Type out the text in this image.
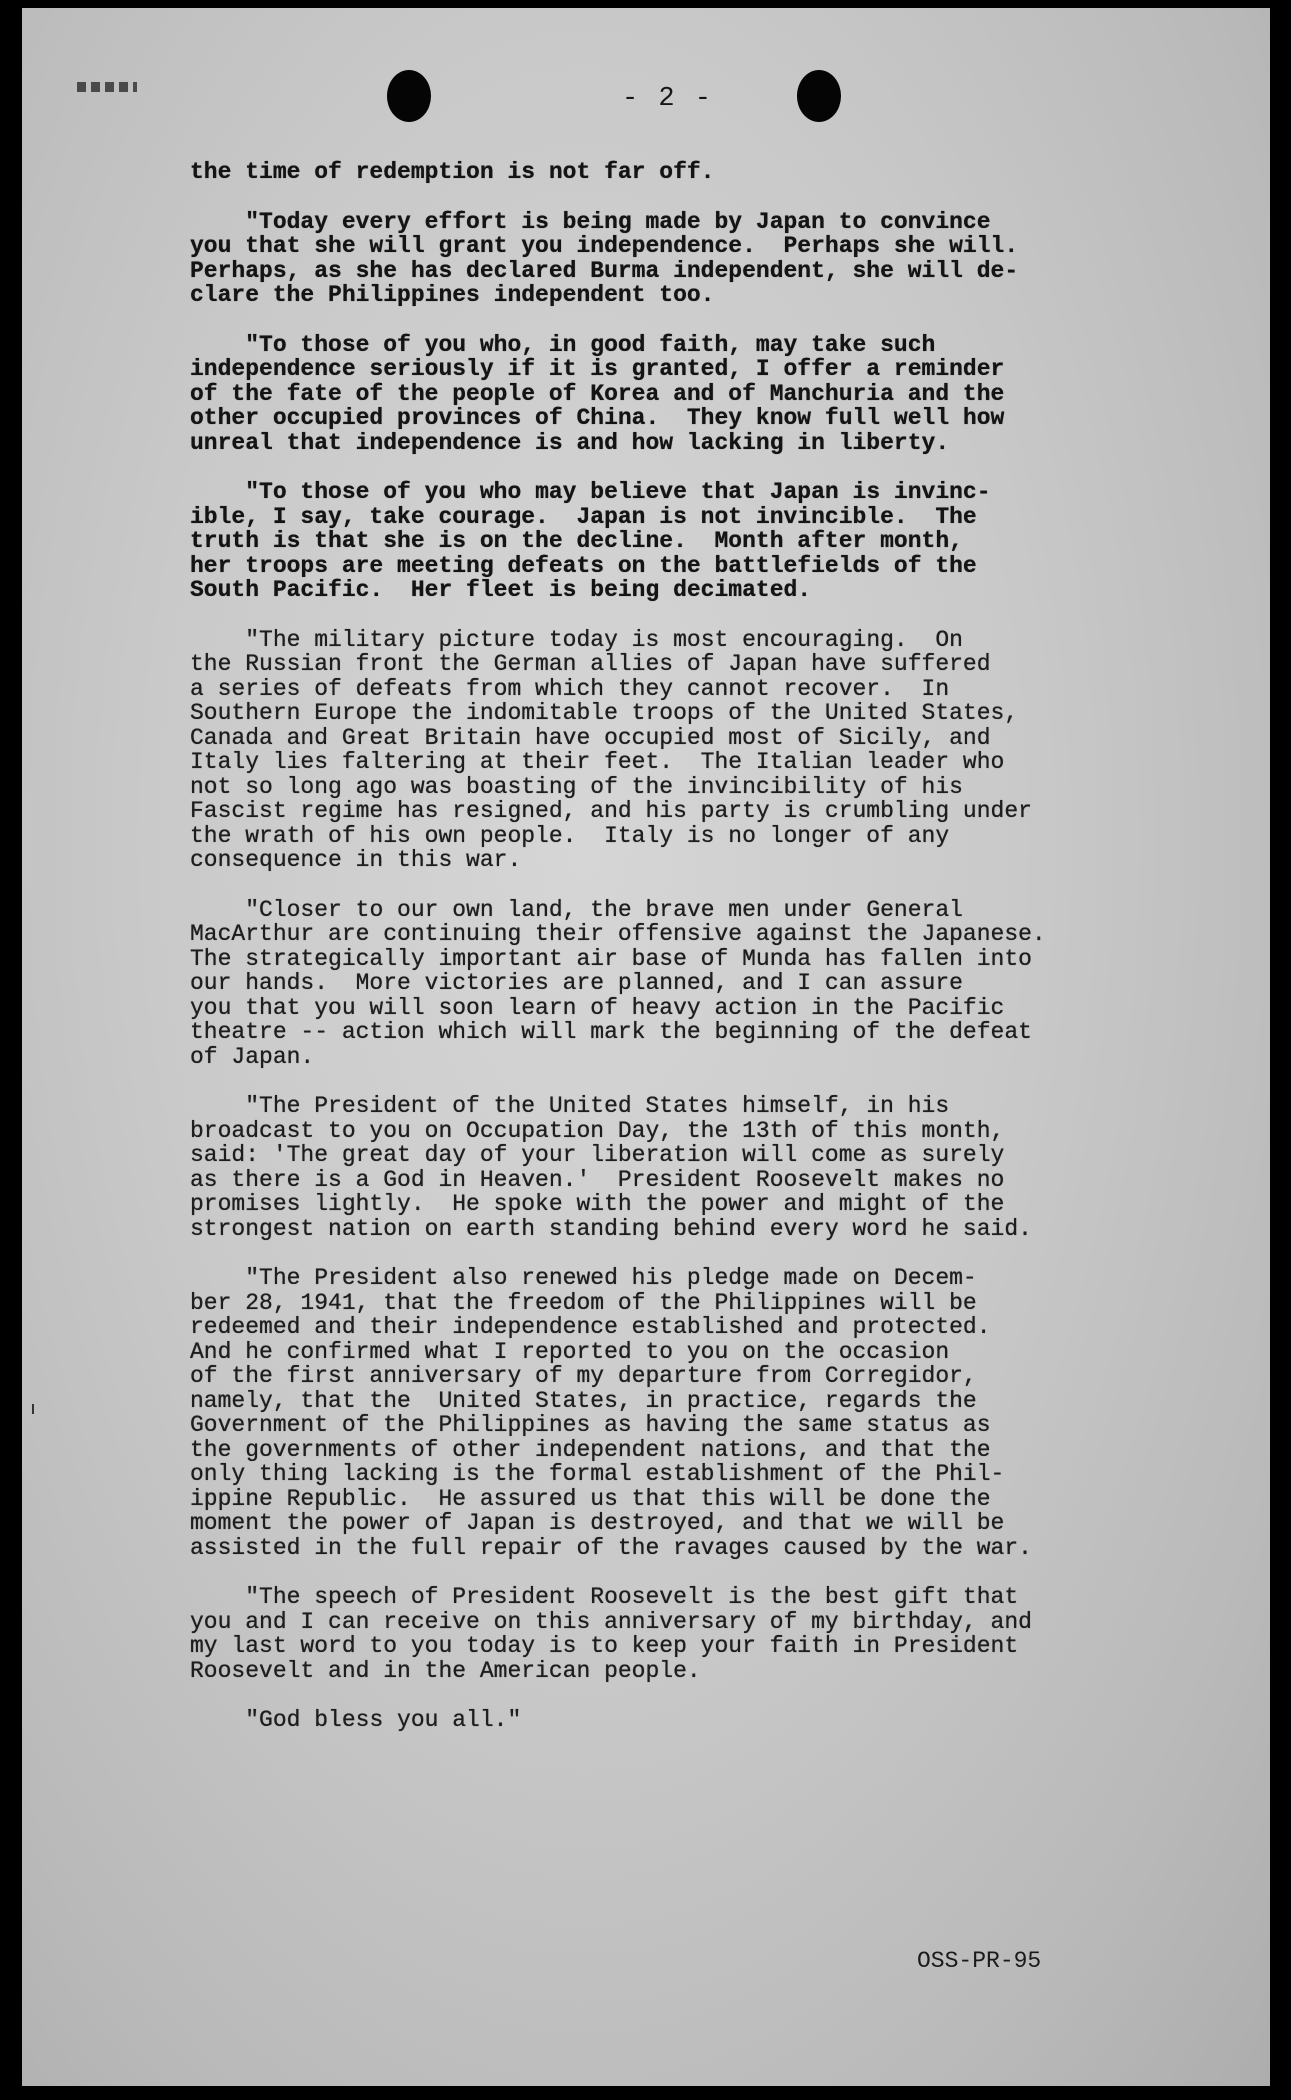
- 2 -

the time of redemption is not far off.

"Today every effort is being made by Japan to convince
you that she will grant you independence.  Perhaps she will.
Perhaps, as she has declared Burma independent, she will de-
clare the Philippines independent too.

"To those of you who, in good faith, may take such
independence seriously if it is granted, I offer a reminder
of the fate of the people of Korea and of Manchuria and the
other occupied provinces of China.  They know full well how
unreal that independence is and how lacking in liberty.

"To those of you who may believe that Japan is invinc-
ible, I say, take courage.  Japan is not invincible.  The
truth is that she is on the decline.  Month after month,
her troops are meeting defeats on the battlefields of the
South Pacific.  Her fleet is being decimated.

"The military picture today is most encouraging.  On
the Russian front the German allies of Japan have suffered
a series of defeats from which they cannot recover.  In
Southern Europe the indomitable troops of the United States,
Canada and Great Britain have occupied most of Sicily, and
Italy lies faltering at their feet.  The Italian leader who
not so long ago was boasting of the invincibility of his
Fascist regime has resigned, and his party is crumbling under
the wrath of his own people.  Italy is no longer of any
consequence in this war.

"Closer to our own land, the brave men under General
MacArthur are continuing their offensive against the Japanese.
The strategically important air base of Munda has fallen into
our hands.  More victories are planned, and I can assure
you that you will soon learn of heavy action in the Pacific
theatre -- action which will mark the beginning of the defeat
of Japan.

"The President of the United States himself, in his
broadcast to you on Occupation Day, the 13th of this month,
said: 'The great day of your liberation will come as surely
as there is a God in Heaven.'  President Roosevelt makes no
promises lightly.  He spoke with the power and might of the
strongest nation on earth standing behind every word he said.

"The President also renewed his pledge made on Decem-
ber 28, 1941, that the freedom of the Philippines will be
redeemed and their independence established and protected.
And he confirmed what I reported to you on the occasion
of the first anniversary of my departure from Corregidor,
namely, that the  United States, in practice, regards the
Government of the Philippines as having the same status as
the governments of other independent nations, and that the
only thing lacking is the formal establishment of the Phil-
ippine Republic.  He assured us that this will be done the
moment the power of Japan is destroyed, and that we will be
assisted in the full repair of the ravages caused by the war.

"The speech of President Roosevelt is the best gift that
you and I can receive on this anniversary of my birthday, and
my last word to you today is to keep your faith in President
Roosevelt and in the American people.

"God bless you all."

OSS-PR-95
